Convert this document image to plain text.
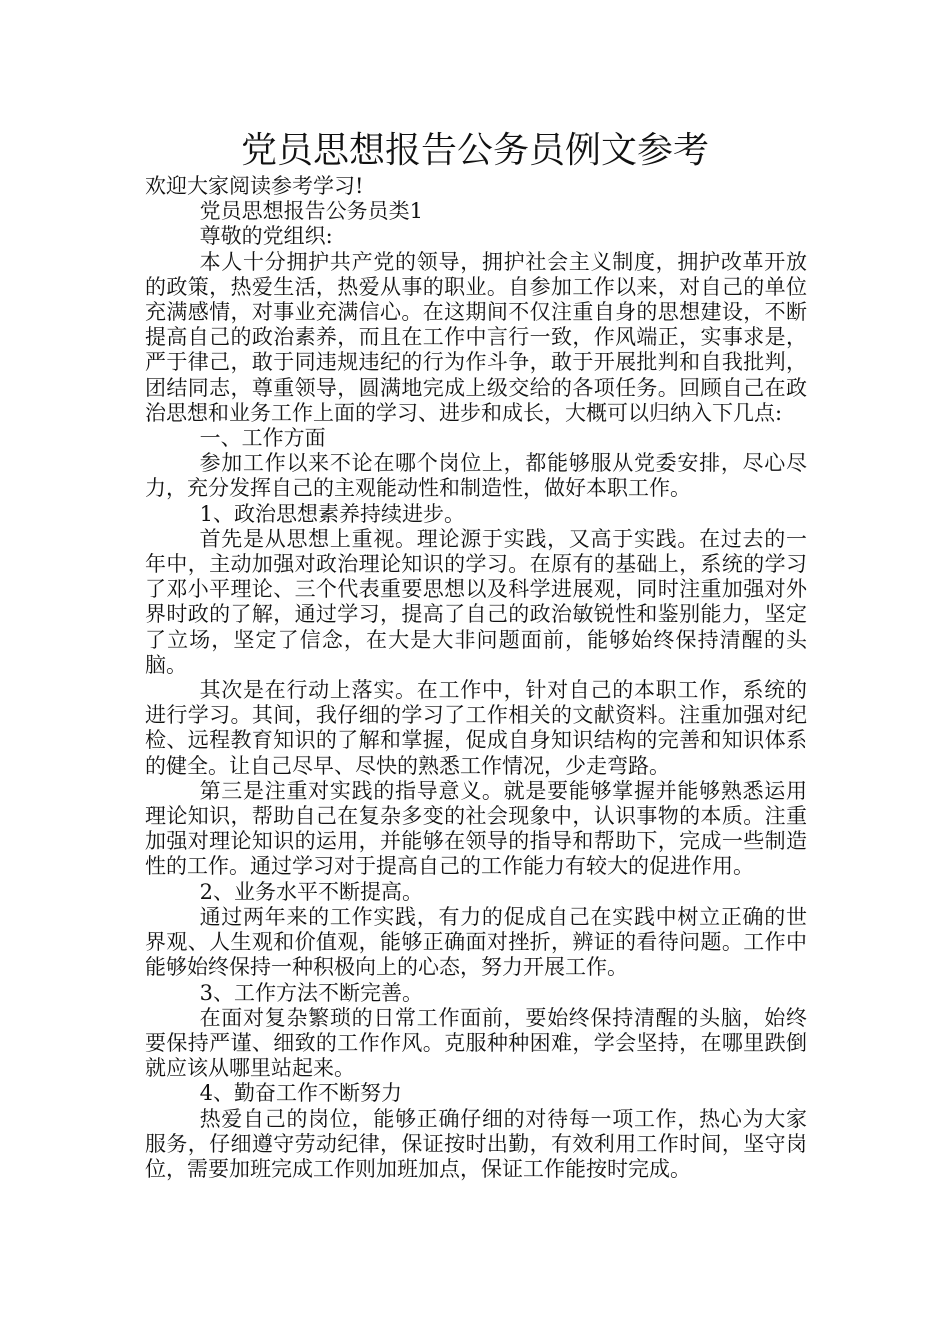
党员思想报告公务员例文参考

欢迎大家阅读参考学习!

党员思想报告公务员类1

尊敬的党组织:

本人十分拥护共产党的领导，拥护社会主义制度，拥护改革开放的政策，热爱生活，热爱从事的职业。自参加工作以来，对自己的单位充满感情，对事业充满信心。在这期间不仅注重自身的思想建设，不断提高自己的政治素养，而且在工作中言行一致，作风端正，实事求是，严于律己，敢于同违规违纪的行为作斗争，敢于开展批判和自我批判，团结同志，尊重领导，圆满地完成上级交给的各项任务。回顾自己在政治思想和业务工作上面的学习、进步和成长，大概可以归纳入下几点:

一、工作方面

参加工作以来不论在哪个岗位上，都能够服从党委安排，尽心尽力，充分发挥自己的主观能动性和制造性，做好本职工作。

1、政治思想素养持续进步。

首先是从思想上重视。理论源于实践，又高于实践。在过去的一年中，主动加强对政治理论知识的学习。在原有的基础上，系统的学习了邓小平理论、三个代表重要思想以及科学进展观，同时注重加强对外界时政的了解，通过学习，提高了自己的政治敏锐性和鉴别能力，坚定了立场，坚定了信念，在大是大非问题面前，能够始终保持清醒的头脑。

其次是在行动上落实。在工作中，针对自己的本职工作，系统的进行学习。其间，我仔细的学习了工作相关的文献资料。注重加强对纪检、远程教育知识的了解和掌握，促成自身知识结构的完善和知识体系的健全。让自己尽早、尽快的熟悉工作情况，少走弯路。

第三是注重对实践的指导意义。就是要能够掌握并能够熟悉运用理论知识，帮助自己在复杂多变的社会现象中，认识事物的本质。注重加强对理论知识的运用，并能够在领导的指导和帮助下，完成一些制造性的工作。通过学习对于提高自己的工作能力有较大的促进作用。

2、业务水平不断提高。

通过两年来的工作实践，有力的促成自己在实践中树立正确的世界观、人生观和价值观，能够正确面对挫折，辨证的看待问题。工作中能够始终保持一种积极向上的心态，努力开展工作。

3、工作方法不断完善。

在面对复杂繁琐的日常工作面前，要始终保持清醒的头脑，始终要保持严谨、细致的工作作风。克服种种困难，学会坚持，在哪里跌倒就应该从哪里站起来。

4、勤奋工作不断努力

热爱自己的岗位，能够正确仔细的对待每一项工作，热心为大家服务，仔细遵守劳动纪律，保证按时出勤，有效利用工作时间，坚守岗位，需要加班完成工作则加班加点，保证工作能按时完成。
